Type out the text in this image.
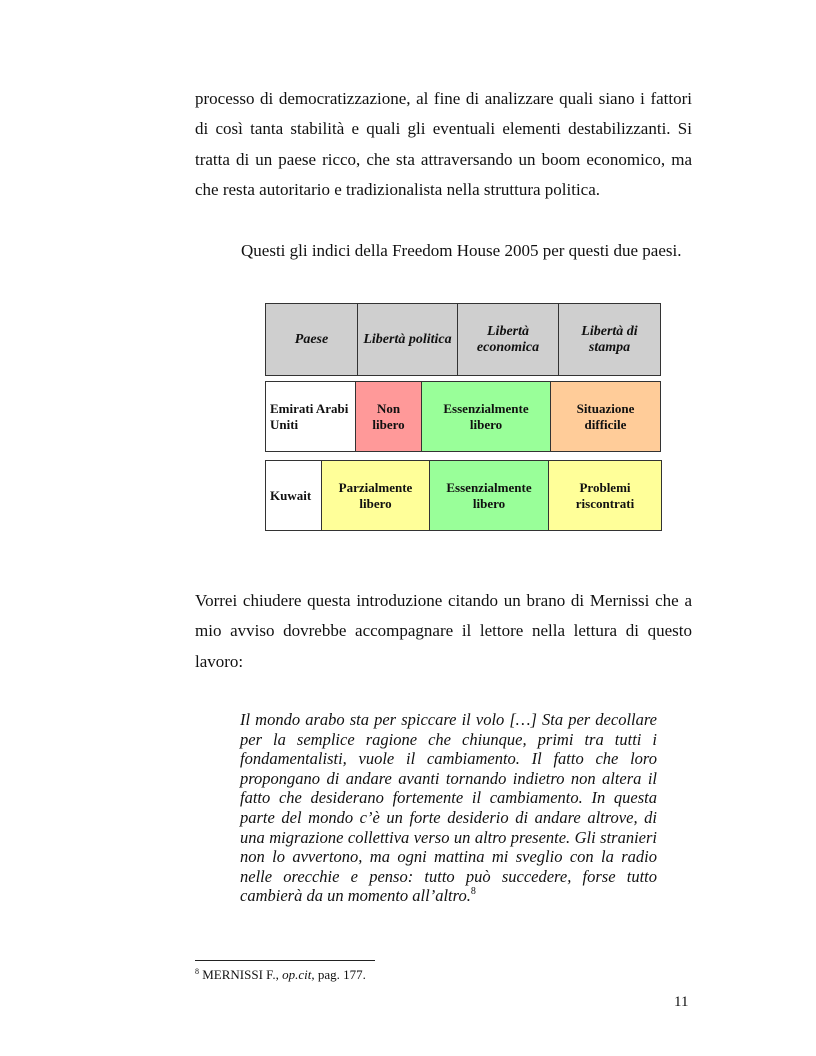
processo di democratizzazione, al fine di analizzare quali siano i fattori di così tanta stabilità e quali gli eventuali elementi destabilizzanti. Si tratta di un paese ricco, che sta attraversando un boom economico, ma che resta autoritario e tradizionalista nella struttura politica.

Questi gli indici della Freedom House 2005 per questi due paesi.

Paese	Libertà politica	Libertà economica	Libertà di stampa
Emirati Arabi Uniti	Non libero	Essenzialmente libero	Situazione difficile
Kuwait	Parzialmente libero	Essenzialmente libero	Problemi riscontrati

Vorrei chiudere questa introduzione citando un brano di Mernissi che a mio avviso dovrebbe accompagnare il lettore nella lettura di questo lavoro:

Il mondo arabo sta per spiccare il volo […] Sta per decollare per la semplice ragione che chiunque, primi tra tutti i fondamentalisti, vuole il cambiamento. Il fatto che loro propongano di andare avanti tornando indietro non altera il fatto che desiderano fortemente il cambiamento. In questa parte del mondo c’è un forte desiderio di andare altrove, di una migrazione collettiva verso un altro presente. Gli stranieri non lo avvertono, ma ogni mattina mi sveglio con la radio nelle orecchie e penso: tutto può succedere, forse tutto cambierà da un momento all’altro.$^8$

$^8$ MERNISSI F., op.cit, pag. 177.

11
